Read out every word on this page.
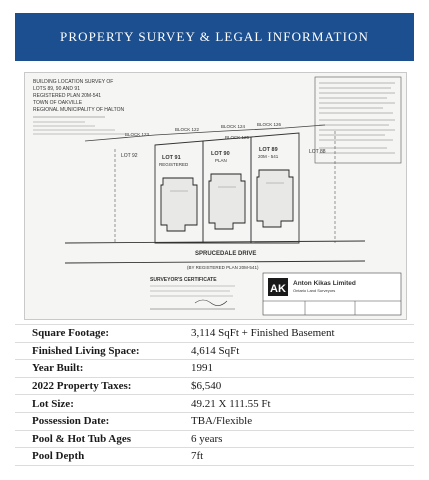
PROPERTY SURVEY & LEGAL INFORMATION
BUILDING LOCATION SURVEY OF
LOTS 89, 90 AND 91
REGISTERED PLAN 20M-541
TOWN OF OAKVILLE
REGIONAL MUNICIPALITY OF HALTON
BLOCK 123
BLOCK 122
BLOCK 124	BLOCK 126
BLOCK 125
LOT 91
REGISTERED
LOT 90
PLAN
LOT 89
20M - 541
LOT 92
LOT 88
SPRUCEDALE DRIVE
(BY REGISTERED PLAN 20M-541)
SURVEYOR'S CERTIFICATE
AK Anton Kikas Limited
Ontario Land Surveyors
Square Footage:	3,114 SqFt + Finished Basement
Finished Living Space:	4,614 SqFt
Year Built:	1991
2022 Property Taxes:	$6,540
Lot Size:	49.21 X 111.55 Ft
Possession Date:	TBA/Flexible
Pool & Hot Tub Ages	6 years
Pool Depth	7ft
